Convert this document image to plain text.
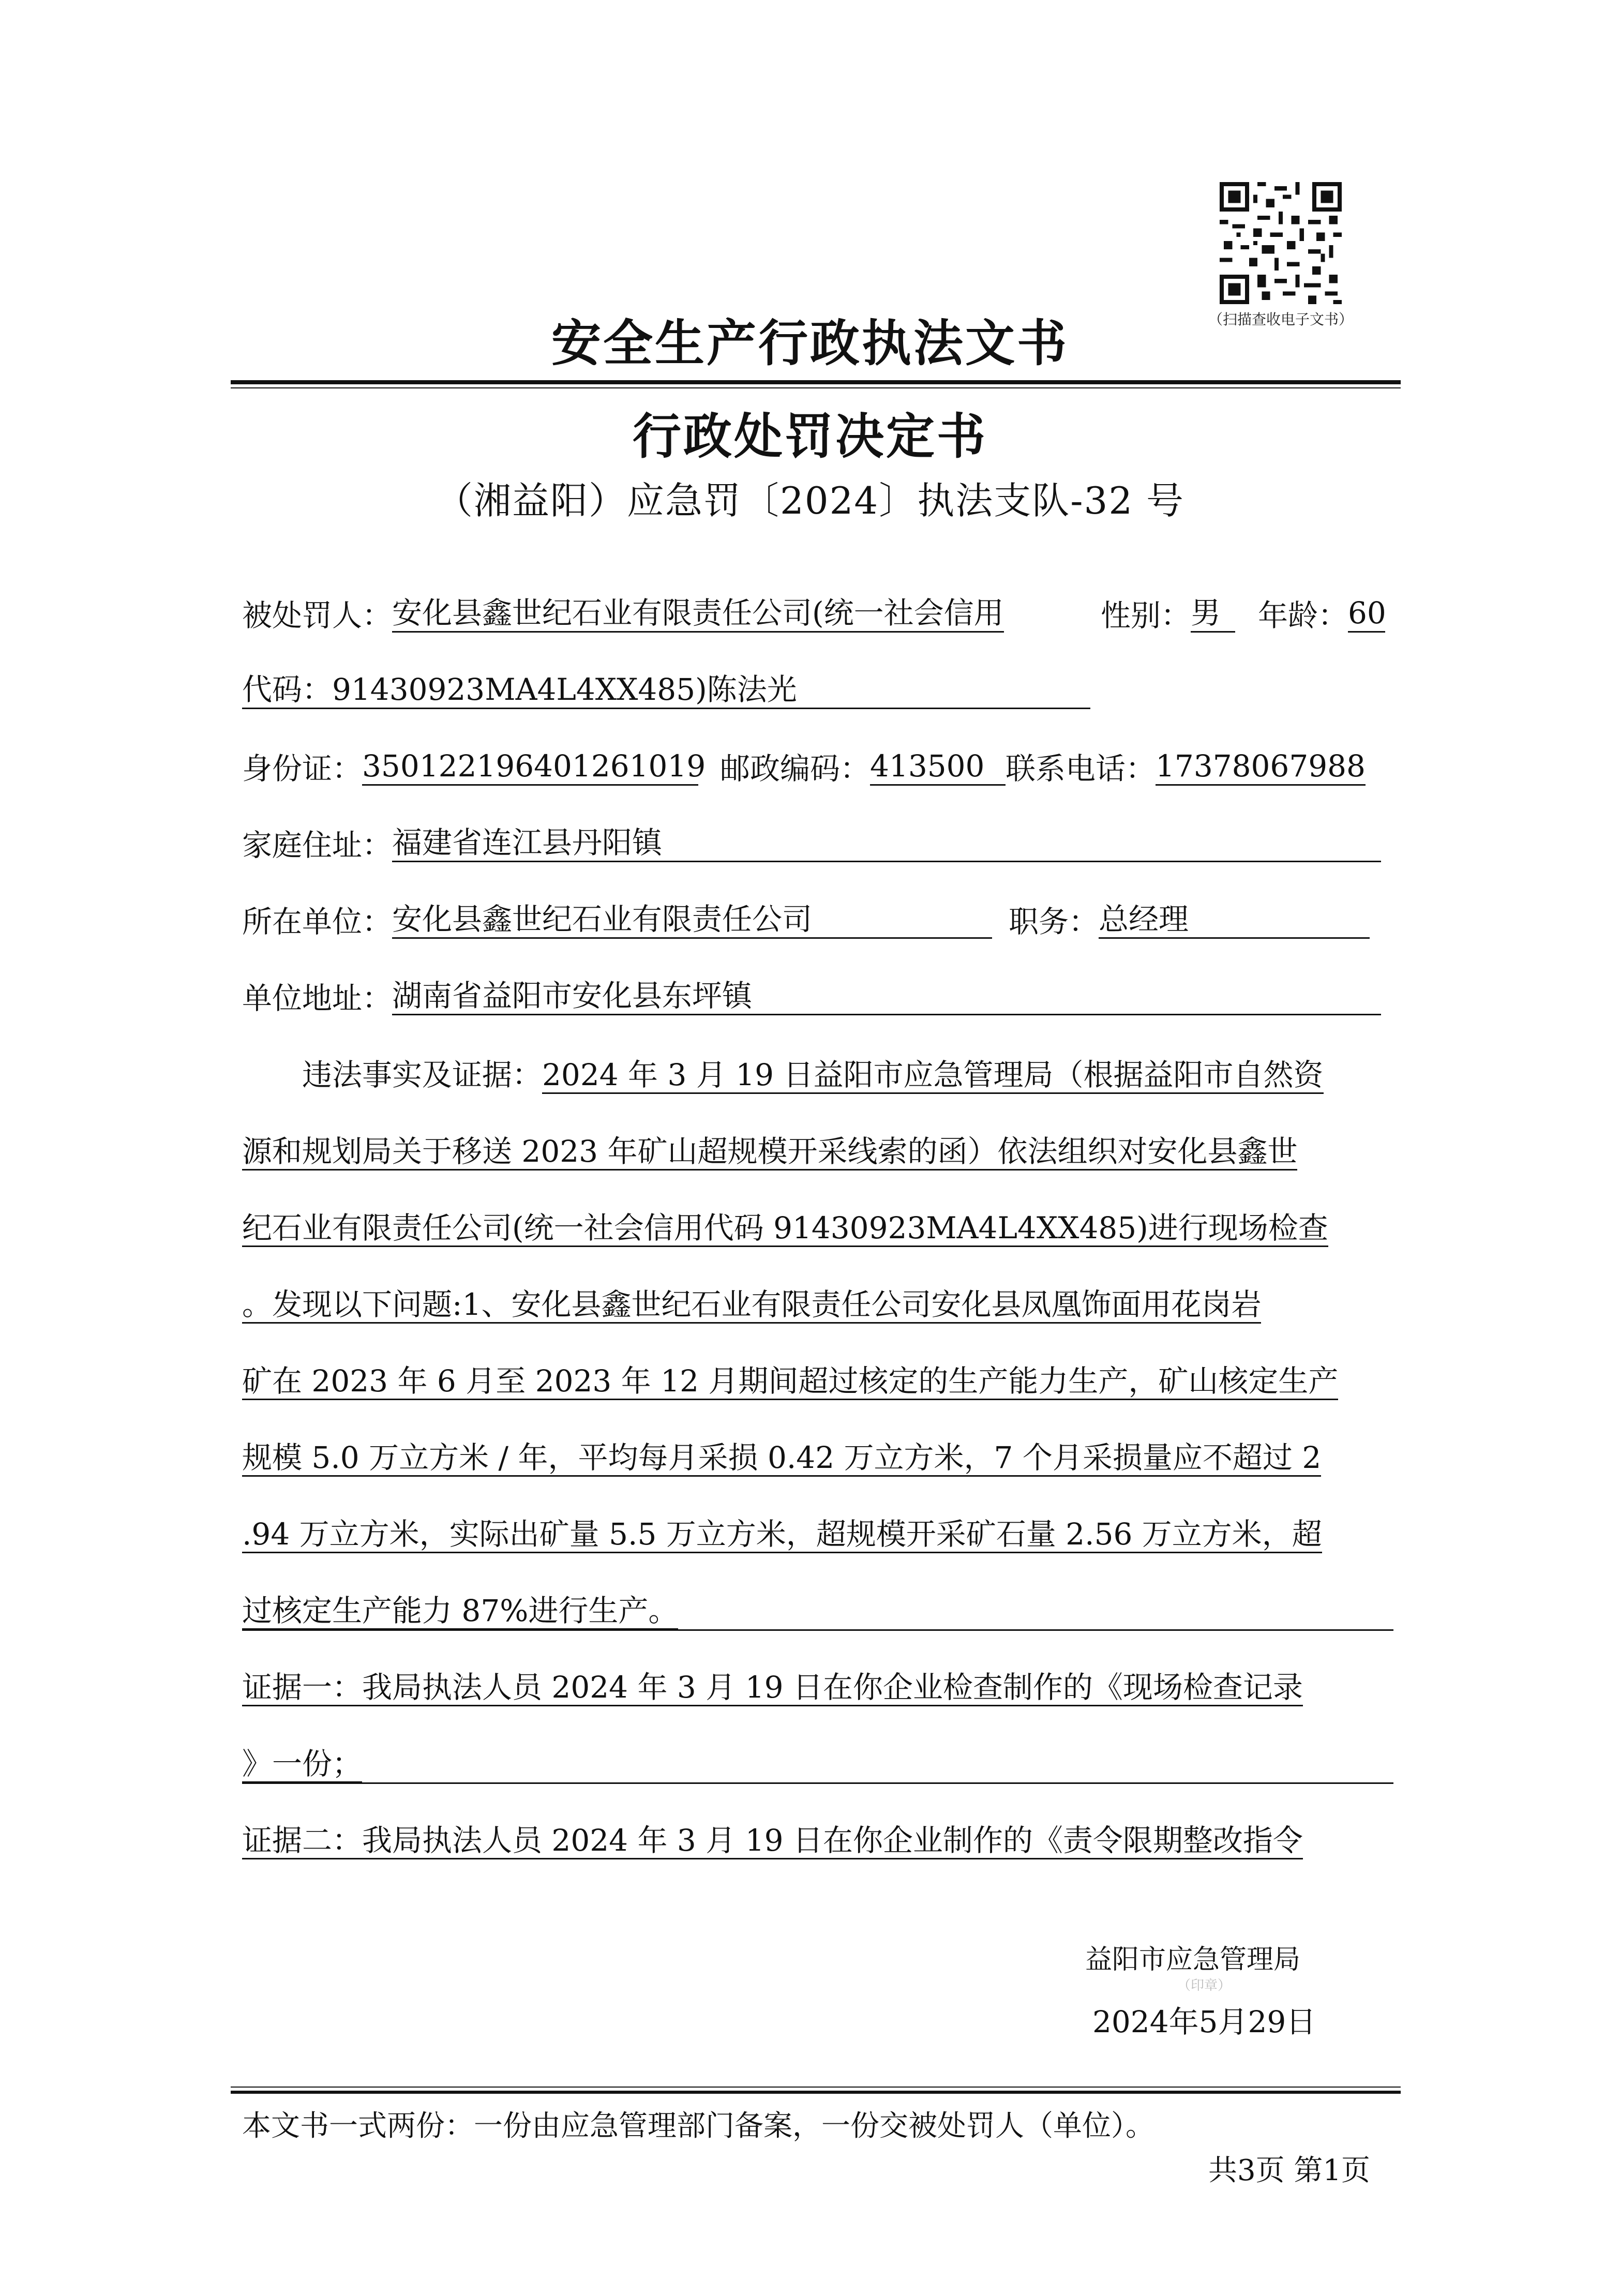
（扫描查收电子文书）
安全生产行政执法文书
行政处罚决定书
（湘益阳）应急罚〔2024〕执法支队-32 号
被处罚人：安化县鑫世纪石业有限责任公司(统一社会信用	性别：男	年龄：60
代码：91430923MA4L4XX485)陈法光
身份证：350122196401261019 邮政编码：413500 联系电话：17378067988
家庭住址：福建省连江县丹阳镇
所在单位：安化县鑫世纪石业有限责任公司	职务：总经理
单位地址：湖南省益阳市安化县东坪镇
违法事实及证据：2024 年 3 月 19 日益阳市应急管理局（根据益阳市自然资
源和规划局关于移送 2023 年矿山超规模开采线索的函）依法组织对安化县鑫世
纪石业有限责任公司(统一社会信用代码 91430923MA4L4XX485)进行现场检查
。发现以下问题:1、安化县鑫世纪石业有限责任公司安化县凤凰饰面用花岗岩
矿在 2023 年 6 月至 2023 年 12 月期间超过核定的生产能力生产，矿山核定生产
规模 5.0 万立方米 / 年，平均每月采损 0.42 万立方米，7 个月采损量应不超过 2
.94 万立方米，实际出矿量 5.5 万立方米，超规模开采矿石量 2.56 万立方米，超
过核定生产能力 87%进行生产。
证据一：我局执法人员 2024 年 3 月 19 日在你企业检查制作的《现场检查记录
》一份；
证据二：我局执法人员 2024 年 3 月 19 日在你企业制作的《责令限期整改指令
益阳市应急管理局
（印章）
2024年5月29日
本文书一式两份：一份由应急管理部门备案，一份交被处罚人（单位）。
共3页 第1页
